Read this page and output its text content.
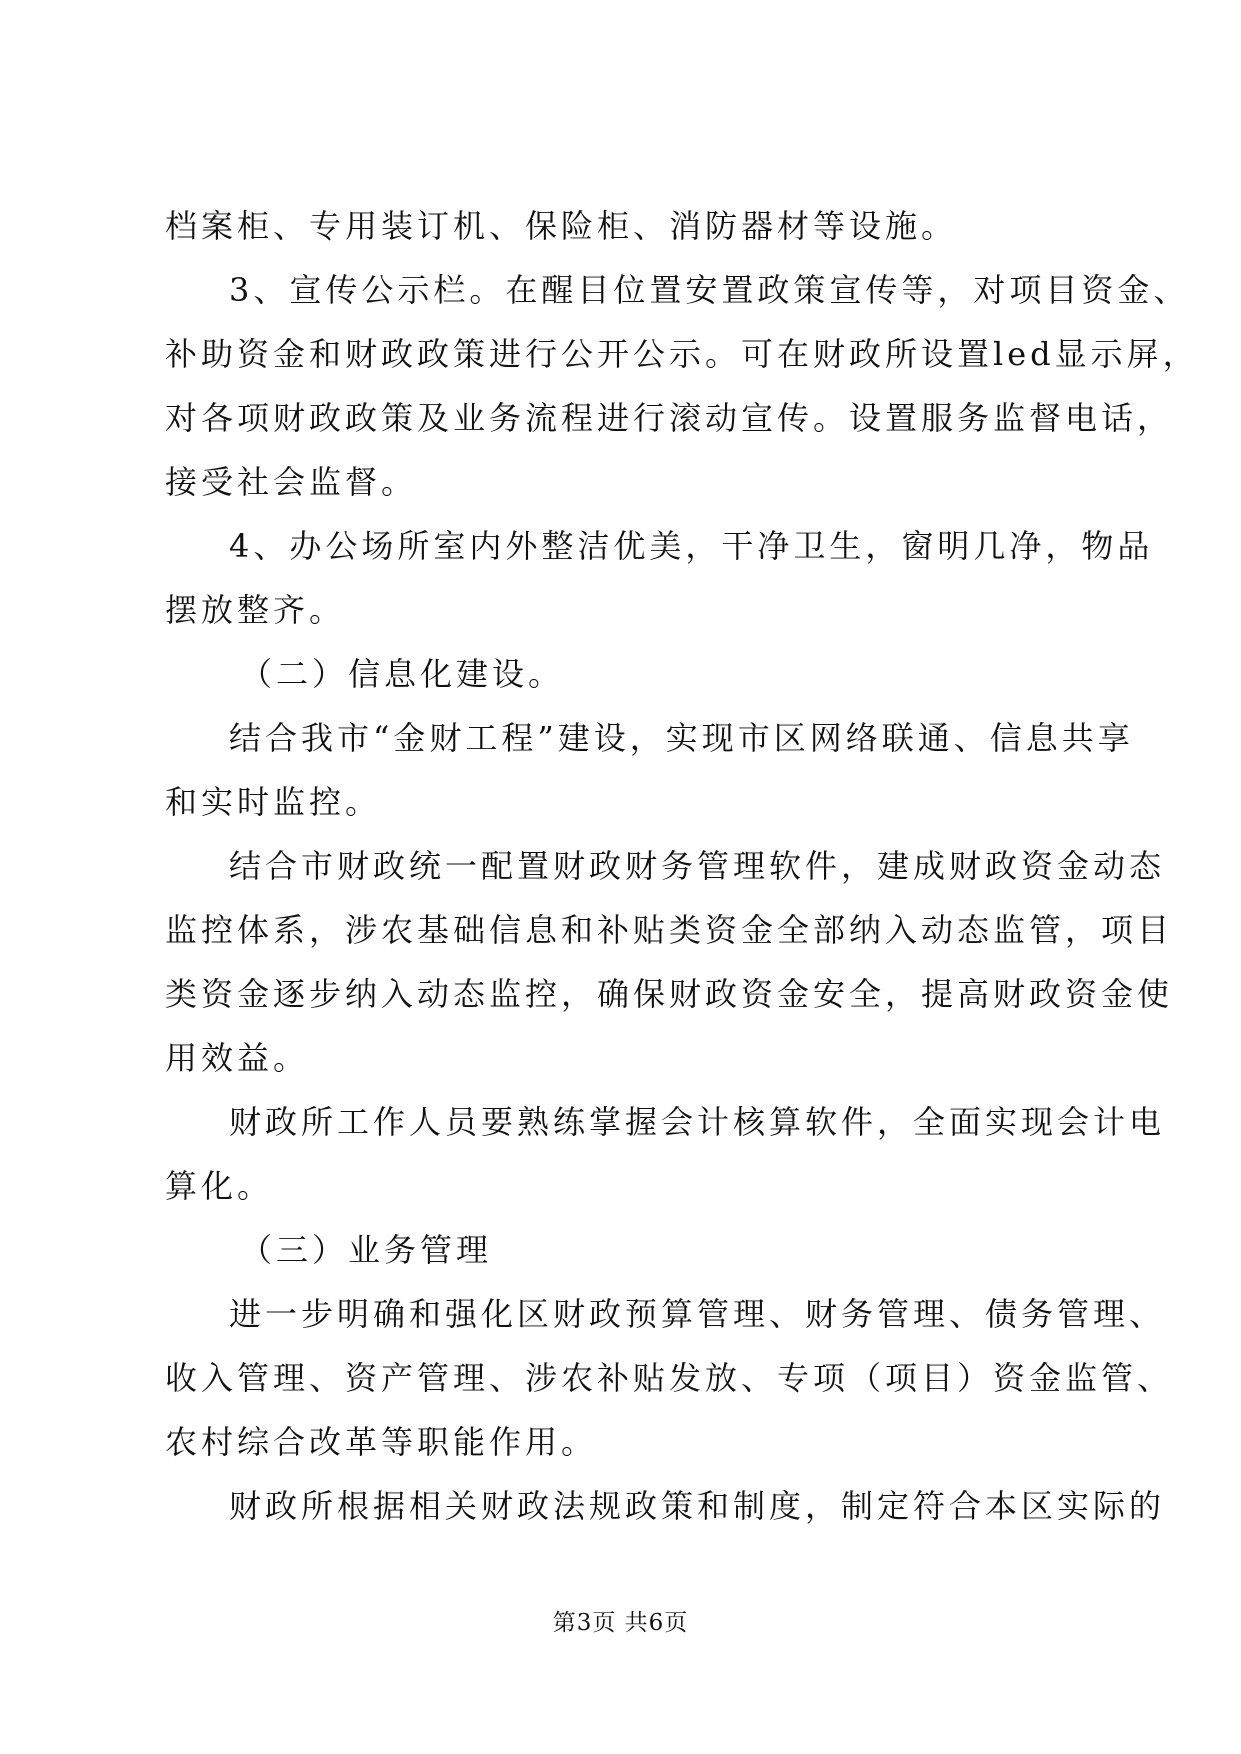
档案柜、专用装订机、保险柜、消防器材等设施。
3、宣传公示栏。在醒目位置安置政策宣传等，对项目资金、
补助资金和财政政策进行公开公示。可在财政所设置led显示屏，
对各项财政政策及业务流程进行滚动宣传。设置服务监督电话，
接受社会监督。
4、办公场所室内外整洁优美，干净卫生，窗明几净，物品
摆放整齐。
（二）信息化建设。
结合我市“金财工程”建设，实现市区网络联通、信息共享
和实时监控。
结合市财政统一配置财政财务管理软件，建成财政资金动态
监控体系，涉农基础信息和补贴类资金全部纳入动态监管，项目
类资金逐步纳入动态监控，确保财政资金安全，提高财政资金使
用效益。
财政所工作人员要熟练掌握会计核算软件，全面实现会计电
算化。
（三）业务管理
进一步明确和强化区财政预算管理、财务管理、债务管理、
收入管理、资产管理、涉农补贴发放、专项（项目）资金监管、
农村综合改革等职能作用。
财政所根据相关财政法规政策和制度，制定符合本区实际的
第3页 共6页
